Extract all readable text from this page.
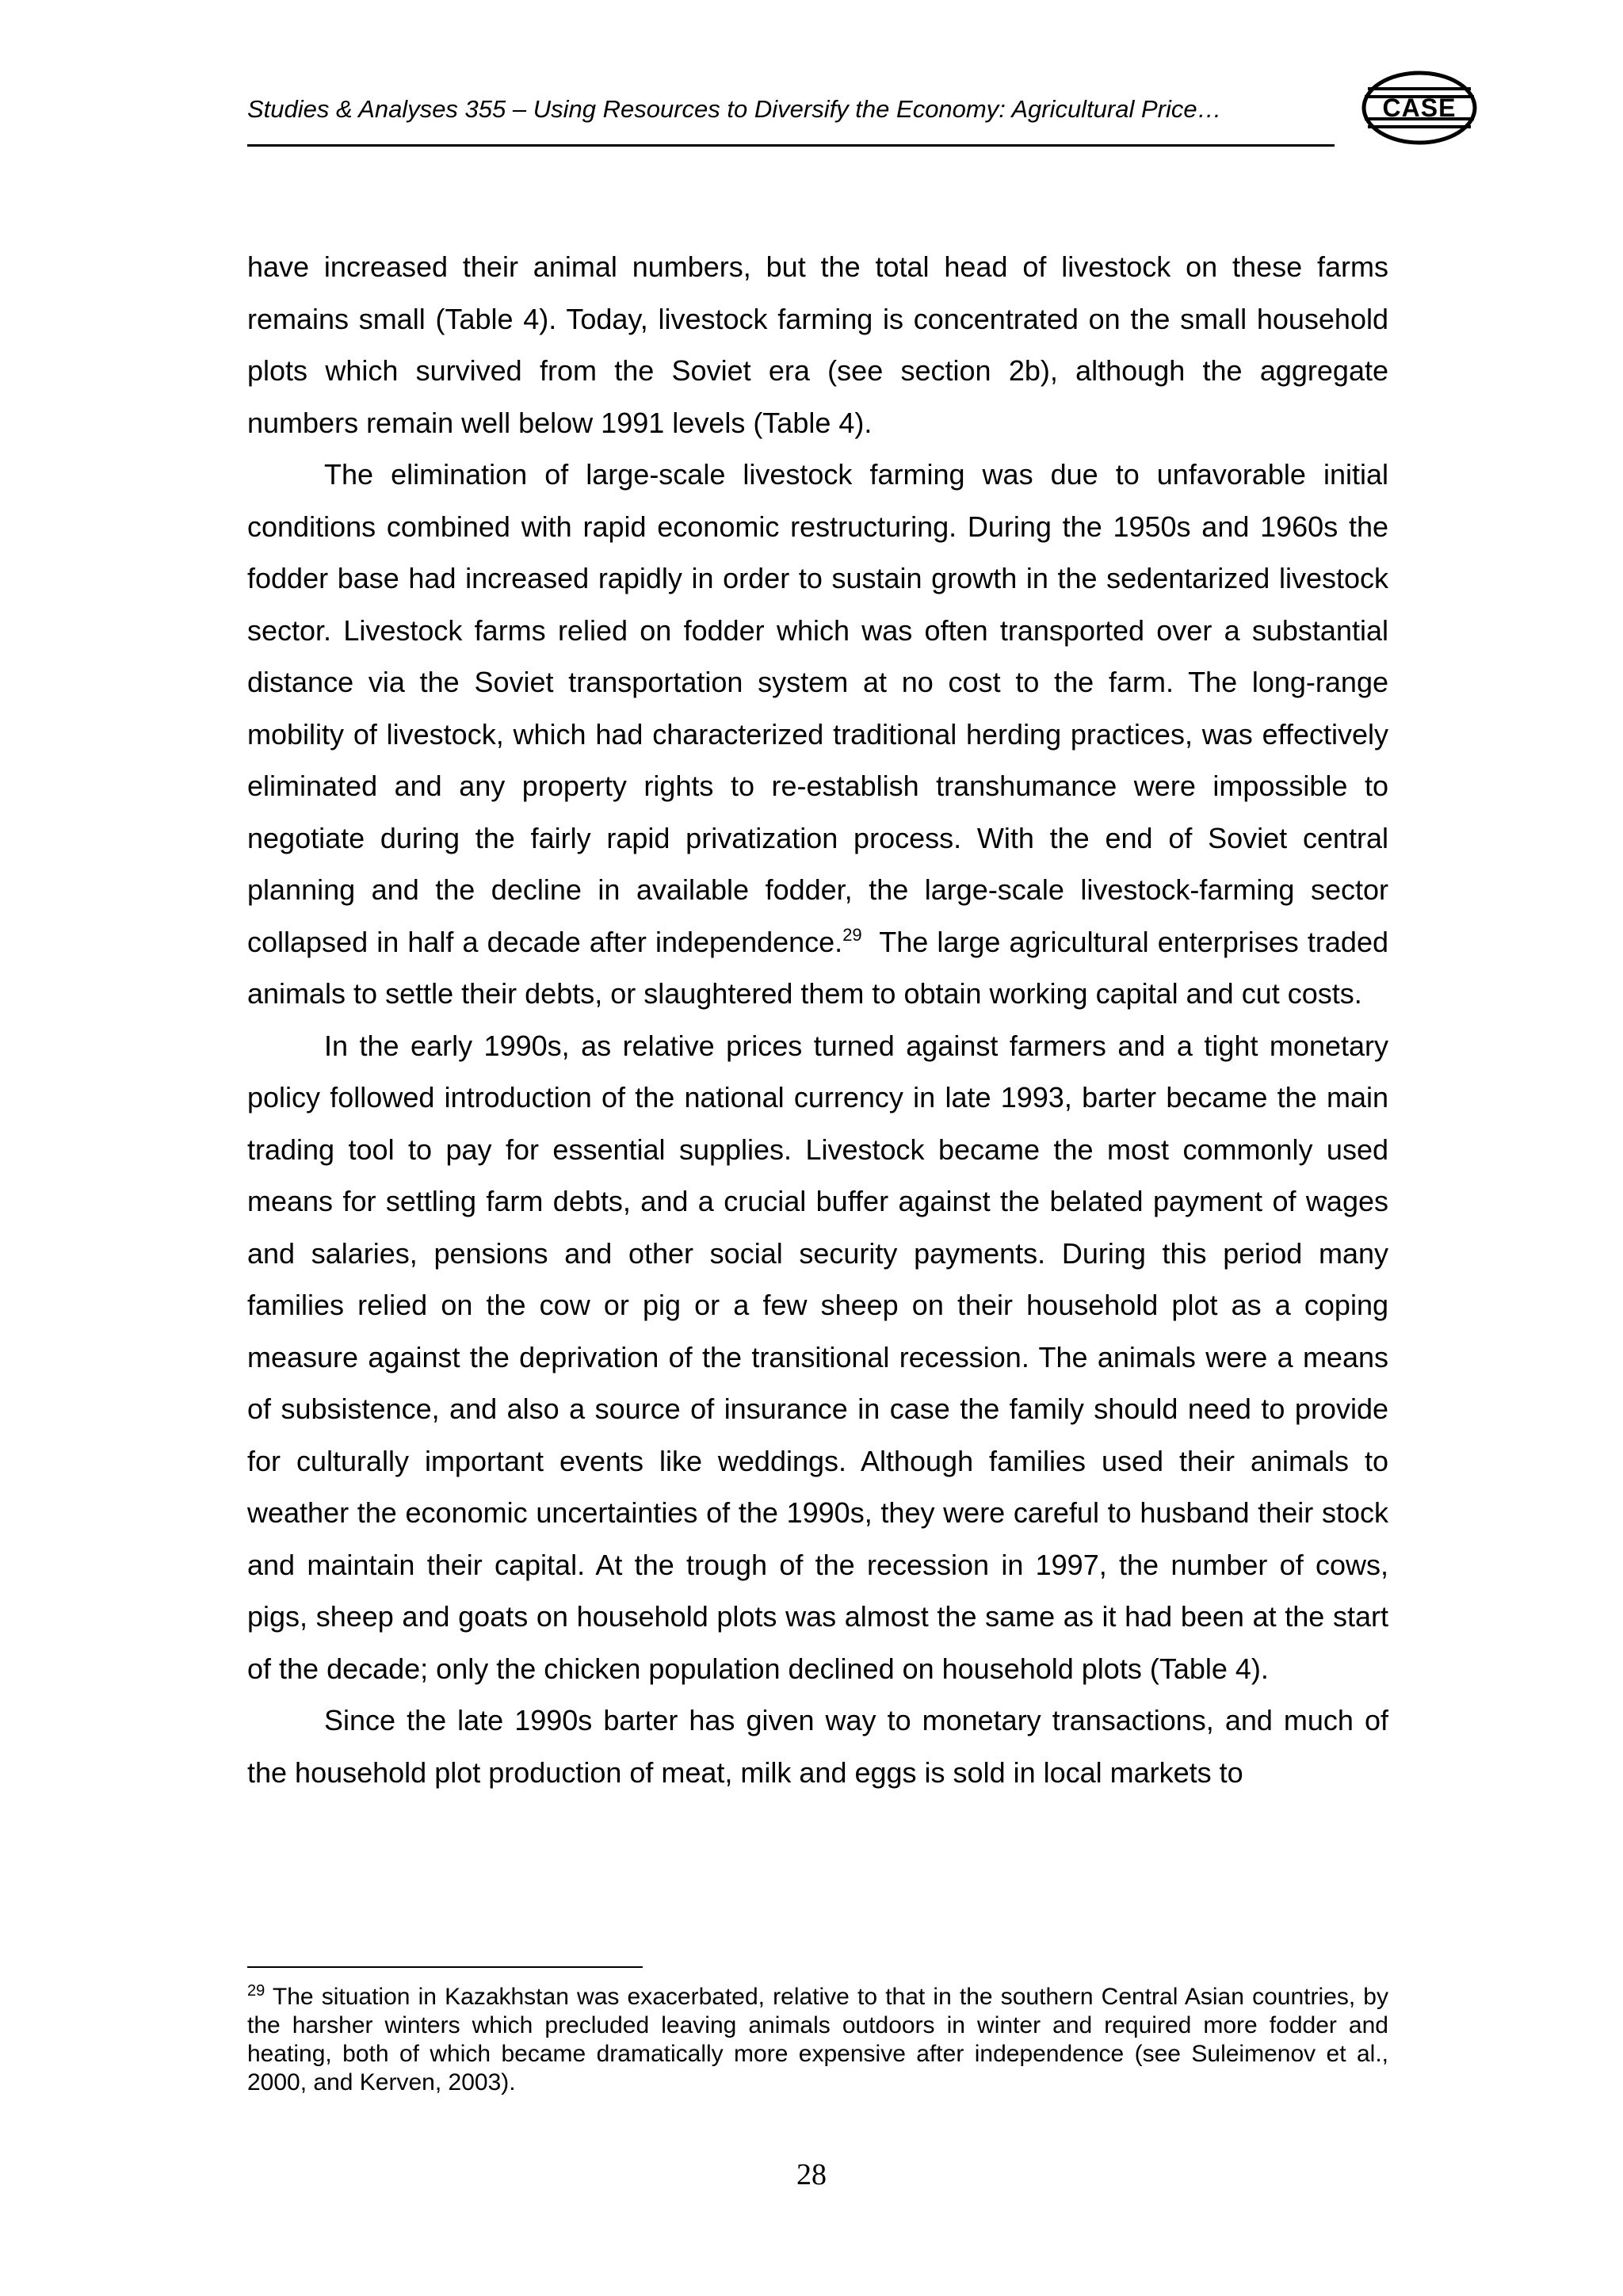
Studies & Analyses 355 – Using Resources to Diversify the Economy: Agricultural Price…	CASE

have increased their animal numbers, but the total head of livestock on these farms remains small (Table 4). Today, livestock farming is concentrated on the small household plots which survived from the Soviet era (see section 2b), although the aggregate numbers remain well below 1991 levels (Table 4).

The elimination of large-scale livestock farming was due to unfavorable initial conditions combined with rapid economic restructuring. During the 1950s and 1960s the fodder base had increased rapidly in order to sustain growth in the sedentarized livestock sector. Livestock farms relied on fodder which was often transported over a substantial distance via the Soviet transportation system at no cost to the farm. The long-range mobility of livestock, which had characterized traditional herding practices, was effectively eliminated and any property rights to re-establish transhumance were impossible to negotiate during the fairly rapid privatization process. With the end of Soviet central planning and the decline in available fodder, the large-scale livestock-farming sector collapsed in half a decade after independence.$^{29}$ The large agricultural enterprises traded animals to settle their debts, or slaughtered them to obtain working capital and cut costs.

In the early 1990s, as relative prices turned against farmers and a tight monetary policy followed introduction of the national currency in late 1993, barter became the main trading tool to pay for essential supplies. Livestock became the most commonly used means for settling farm debts, and a crucial buffer against the belated payment of wages and salaries, pensions and other social security payments. During this period many families relied on the cow or pig or a few sheep on their household plot as a coping measure against the deprivation of the transitional recession. The animals were a means of subsistence, and also a source of insurance in case the family should need to provide for culturally important events like weddings. Although families used their animals to weather the economic uncertainties of the 1990s, they were careful to husband their stock and maintain their capital. At the trough of the recession in 1997, the number of cows, pigs, sheep and goats on household plots was almost the same as it had been at the start of the decade; only the chicken population declined on household plots (Table 4).

Since the late 1990s barter has given way to monetary transactions, and much of the household plot production of meat, milk and eggs is sold in local markets to

$^{29}$ The situation in Kazakhstan was exacerbated, relative to that in the southern Central Asian countries, by the harsher winters which precluded leaving animals outdoors in winter and required more fodder and heating, both of which became dramatically more expensive after independence (see Suleimenov et al., 2000, and Kerven, 2003).
28
